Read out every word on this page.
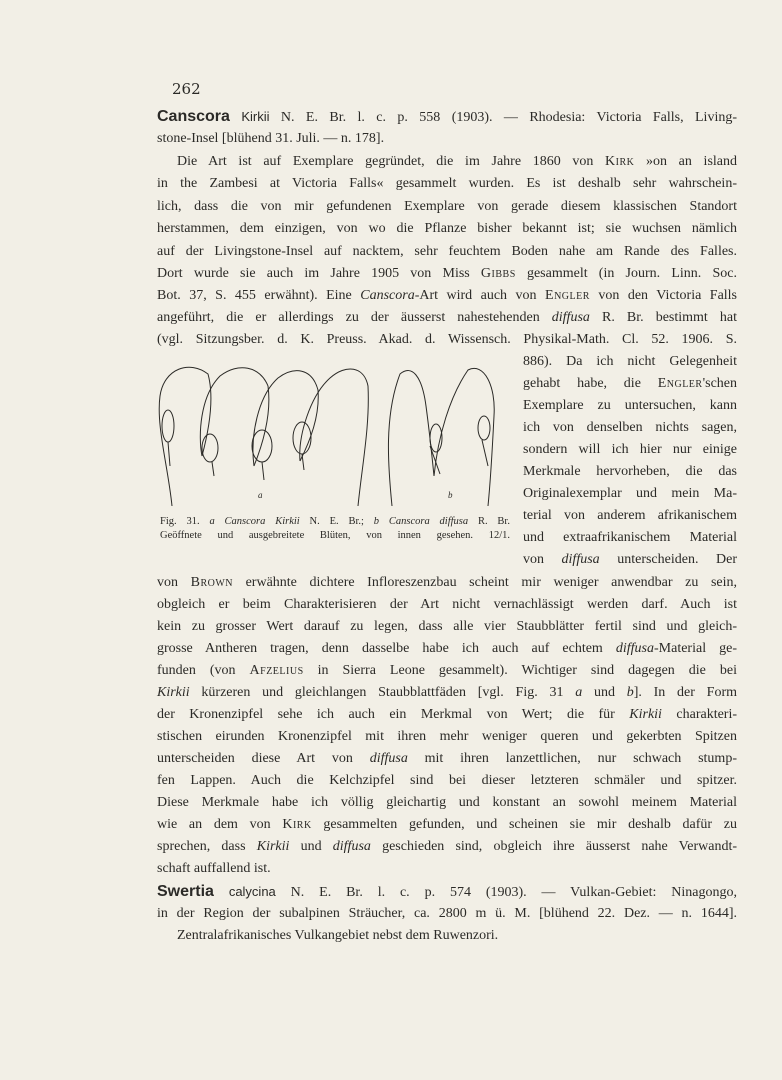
262
Canscora Kirkii N. E. Br. l. c. p. 558 (1903). — Rhodesia: Victoria Falls, Living-
stone-Insel [blühend 31. Juli. — n. 178].
Die Art ist auf Exemplare gegründet, die im Jahre 1860 von Kirk »on an island
in the Zambesi at Victoria Falls« gesammelt wurden. Es ist deshalb sehr wahrschein-
lich, dass die von mir gefundenen Exemplare von gerade diesem klassischen Standort
herstammen, dem einzigen, von wo die Pflanze bisher bekannt ist; sie wuchsen nämlich
auf der Livingstone-Insel auf nacktem, sehr feuchtem Boden nahe am Rande des Falles.
Dort wurde sie auch im Jahre 1905 von Miss Gibbs gesammelt (in Journ. Linn. Soc.
Bot. 37, S. 455 erwähnt). Eine Canscora-Art wird auch von Engler von den Victoria Falls
angeführt, die er allerdings zu der äusserst nahestehenden diffusa R. Br. bestimmt hat
(vgl. Sitzungsber. d. K. Preuss. Akad. d. Wissensch. Physikal-Math. Cl. 52. 1906. S.
886). Da ich nicht Gelegenheit
gehabt habe, die Engler'schen
Exemplare zu untersuchen, kann
ich von denselben nichts sagen,
sondern will ich hier nur einige
Merkmale hervorheben, die das
Originalexemplar und mein Ma-
terial von anderem afrikanischem
und extraafrikanischem Material
von diffusa unterscheiden. Der
a	b
Fig. 31. a Canscora Kirkii N. E. Br.; b Canscora diffusa R. Br.
Geöffnete und ausgebreitete Blüten, von innen gesehen. 12/1.
von Brown erwähnte dichtere Infloreszenzbau scheint mir weniger anwendbar zu sein,
obgleich er beim Charakterisieren der Art nicht vernachlässigt werden darf. Auch ist
kein zu grosser Wert darauf zu legen, dass alle vier Staubblätter fertil sind und gleich-
grosse Antheren tragen, denn dasselbe habe ich auch auf echtem diffusa-Material ge-
funden (von Afzelius in Sierra Leone gesammelt). Wichtiger sind dagegen die bei
Kirkii kürzeren und gleichlangen Staubblattfäden [vgl. Fig. 31 a und b]. In der Form
der Kronenzipfel sehe ich auch ein Merkmal von Wert; die für Kirkii charakteri-
stischen eirunden Kronenzipfel mit ihren mehr weniger queren und gekerbten Spitzen
unterscheiden diese Art von diffusa mit ihren lanzettlichen, nur schwach stump-
fen Lappen. Auch die Kelchzipfel sind bei dieser letzteren schmäler und spitzer.
Diese Merkmale habe ich völlig gleichartig und konstant an sowohl meinem Material
wie an dem von Kirk gesammelten gefunden, und scheinen sie mir deshalb dafür zu
sprechen, dass Kirkii und diffusa geschieden sind, obgleich ihre äusserst nahe Verwandt-
schaft auffallend ist.
Swertia calycina N. E. Br. l. c. p. 574 (1903). — Vulkan-Gebiet: Ninagongo,
in der Region der subalpinen Sträucher, ca. 2800 m ü. M. [blühend 22. Dez. — n. 1644].
Zentralafrikanisches Vulkangebiet nebst dem Ruwenzori.
